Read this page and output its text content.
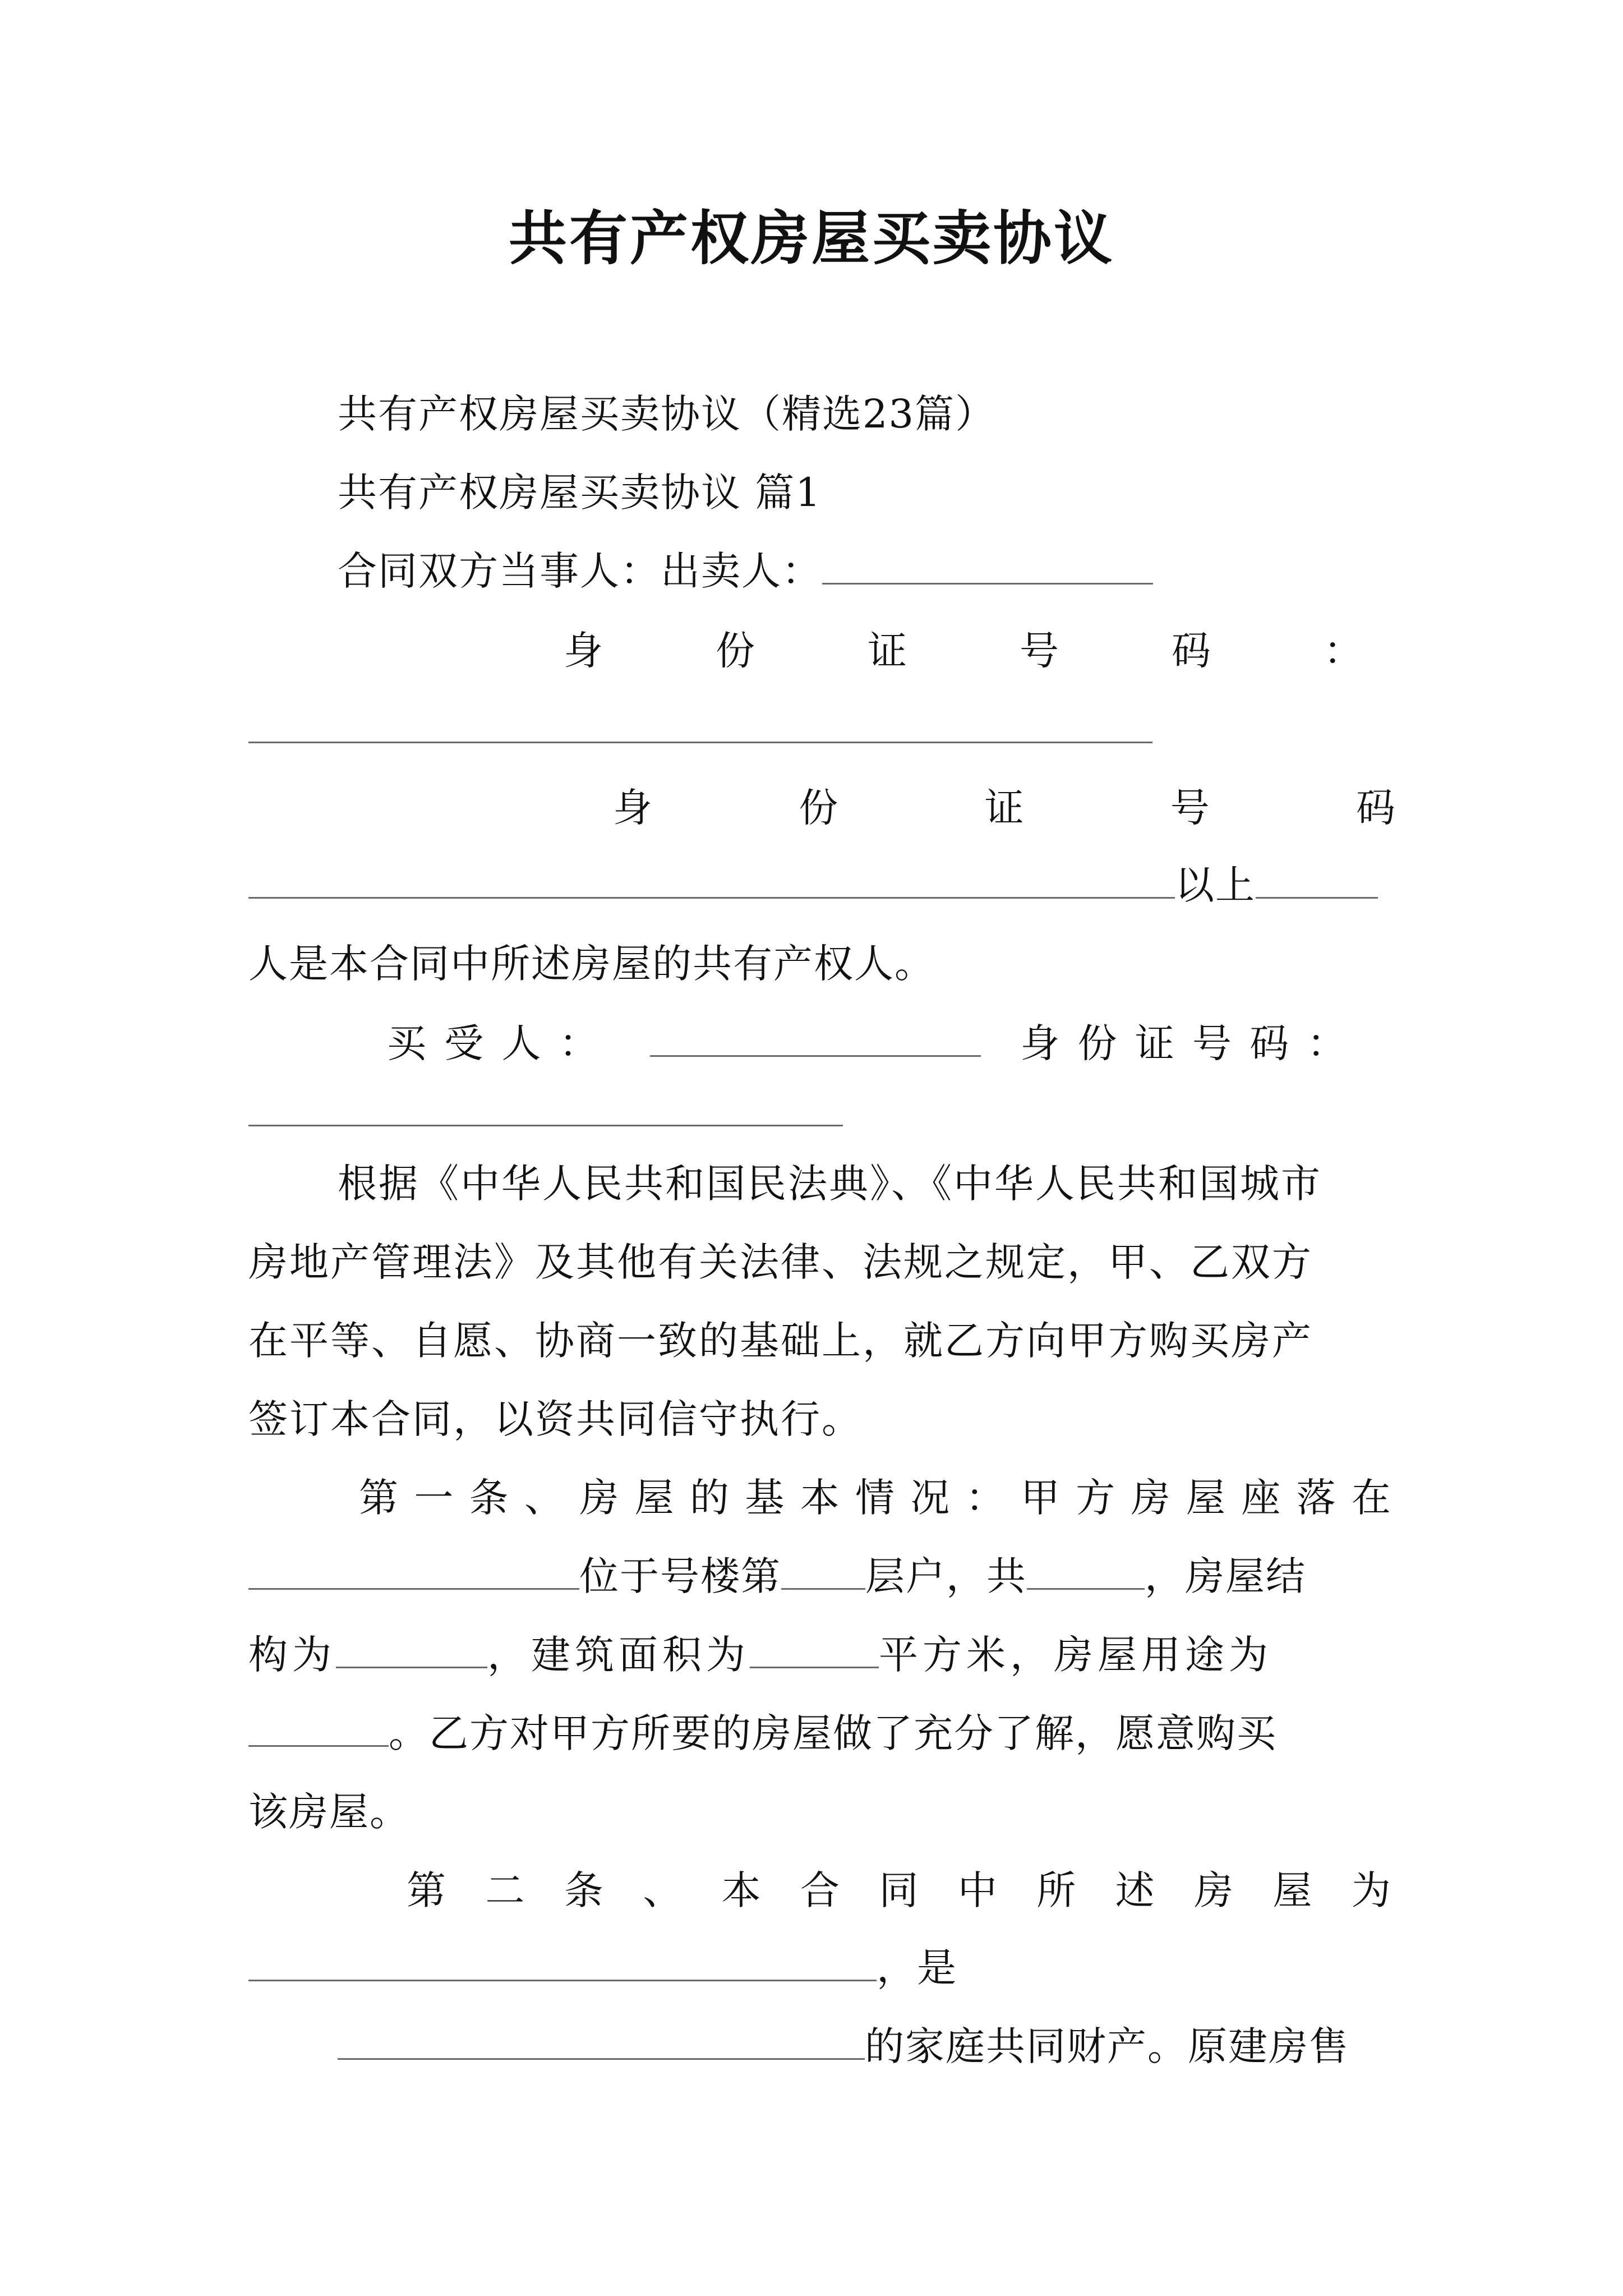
共有产权房屋买卖协议
共有产权房屋买卖协议（精选23篇）
共有产权房屋买卖协议 篇1
合同双方当事人：出卖人：
身	份	证	号	码	：
身	份	证	号	码
以上
人是本合同中所述房屋的共有产权人。
买 受 人 ：	身 份 证 号 码 ：
根据《中华人民共和国民法典》、《中华人民共和国城市
房地产管理法》及其他有关法律、法规之规定，甲、乙双方
在平等、自愿、协商一致的基础上，就乙方向甲方购买房产
签订本合同，以资共同信守执行。
第 一 条 、 房 屋 的 基 本 情 况 ： 甲 方 房 屋 座 落 在
位于号楼第 层户，共	，房屋结
构为	，建筑面积为	平方米，房屋用途为
。乙方对甲方所要的房屋做了充分了解，愿意购买
该房屋。
第 二 条 、 本 合 同 中 所 述 房 屋 为
，是
的家庭共同财产。原建房售
